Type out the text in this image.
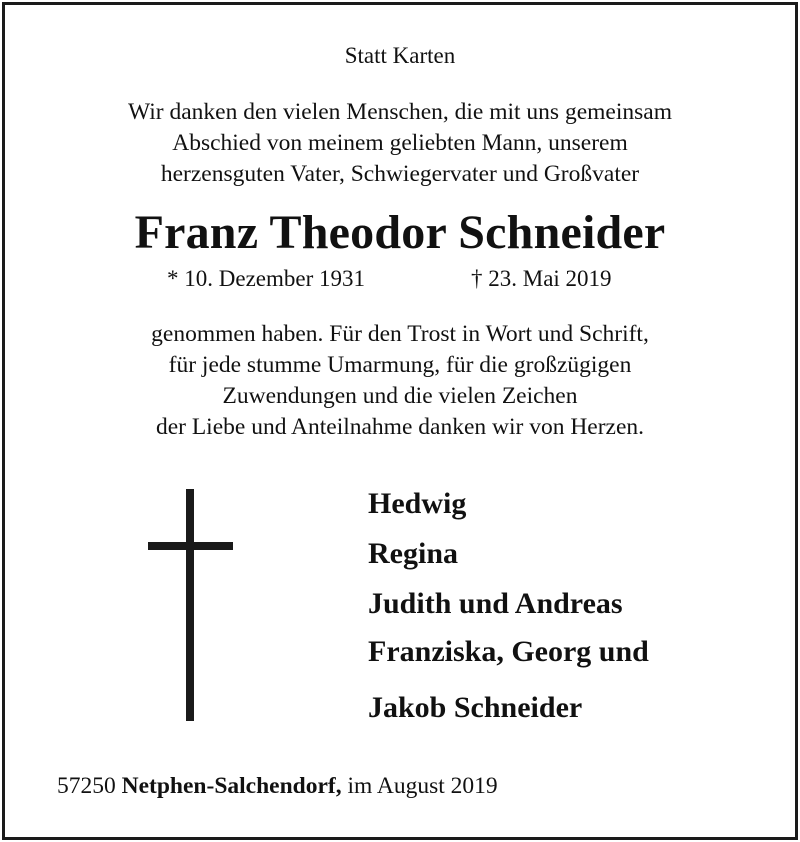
Statt Karten
Wir danken den vielen Menschen, die mit uns gemeinsam
Abschied von meinem geliebten Mann, unserem
herzensguten Vater, Schwiegervater und Großvater
Franz Theodor Schneider
* 10. Dezember 1931	† 23. Mai 2019
genommen haben. Für den Trost in Wort und Schrift,
für jede stumme Umarmung, für die großzügigen
Zuwendungen und die vielen Zeichen
der Liebe und Anteilnahme danken wir von Herzen.
Hedwig
Regina
Judith und Andreas
Franziska, Georg und
Jakob Schneider
57250 Netphen-Salchendorf, im August 2019
